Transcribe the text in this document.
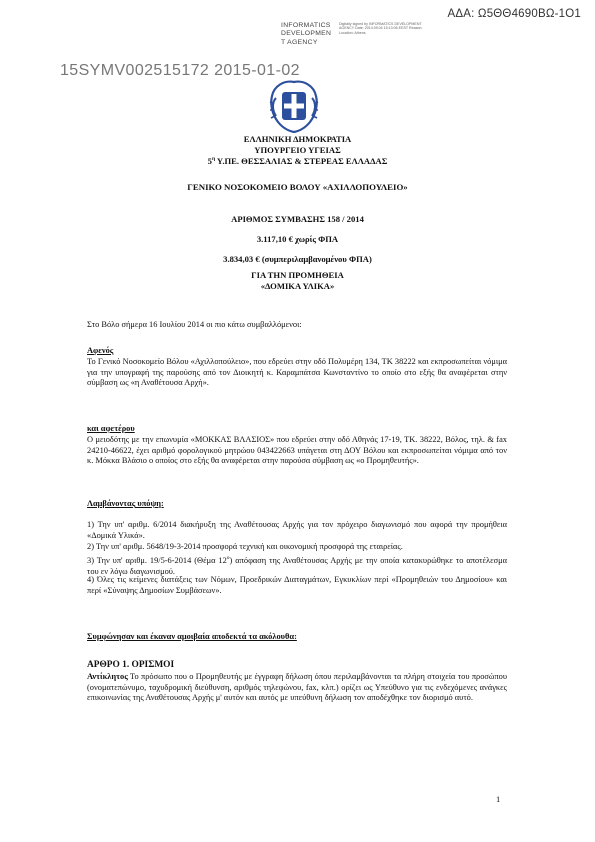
ΑΔΑ: Ω5ΘΘ4690ΒΩ-1Ο1
INFORMATICS DEVELOPMEN T AGENCY
Digitally signed by INFORMATICS DEVELOPMENT AGENCY Date: 2014.09.04 15:13:06 EEST Reason: Location: Athens
15SYMV002515172 2015-01-02
ΕΛΛΗΝΙΚΗ ΔΗΜΟΚΡΑΤΙΑ
ΥΠΟΥΡΓΕΙΟ ΥΓΕΙΑΣ
$5^\eta$ Υ.ΠΕ. ΘΕΣΣΑΛΙΑΣ & ΣΤΕΡΕΑΣ ΕΛΛΑΔΑΣ
ΓΕΝΙΚΟ ΝΟΣΟΚΟΜΕΙΟ ΒΟΛΟΥ «ΑΧΙΛΛΟΠΟΥΛΕΙΟ»
ΑΡΙΘΜΟΣ ΣΥΜΒΑΣΗΣ 158 / 2014
3.117,10 € χωρίς ΦΠΑ
3.834,03 € (συμπεριλαμβανομένου ΦΠΑ)
ΓΙΑ ΤΗΝ ΠΡΟΜΗΘΕΙΑ
«ΔΟΜΙΚΑ ΥΛΙΚΑ»
Στο Βόλο σήμερα 16 Ιουλίου 2014 οι πιο κάτω συμβαλλόμενοι:
Αφενός
Το Γενικό Νοσοκομείο Βόλου «Αχιλλοπούλειο», που εδρεύει στην οδό Πολυμέρη 134, ΤΚ 38222 και εκπροσωπείται νόμιμα για την υπογραφή της παρούσης από τον Διοικητή κ. Καραμπάτσα Κωνσταντίνο το οποίο στο εξής θα αναφέρεται στην σύμβαση ως «η Αναθέτουσα Αρχή».
και αφετέρου
Ο μειοδότης με την επωνυμία «ΜΟΚΚΑΣ ΒΛΑΣΙΟΣ» που εδρεύει στην οδό Αθηνάς 17-19, ΤΚ. 38222, Βόλος, τηλ. & fax 24210-46622, έχει αριθμό φορολογικού μητρώου 043422663 υπάγεται στη ΔΟΥ Βόλου και εκπροσωπείται νόμιμα από τον κ. Μόκκα Βλάσιο ο οποίος στο εξής θα αναφέρεται στην παρούσα σύμβαση ως «ο Προμηθευτής».
Λαμβάνοντας υπόψη:
1) Την υπ' αριθμ. 6/2014 διακήρυξη της Αναθέτουσας Αρχής για τον πρόχειρο διαγωνισμό που αφορά την προμήθεια «Δομικά Υλικά».
2) Την υπ' αριθμ. 5648/19-3-2014 προσφορά τεχνική και οικονομική προσφορά της εταιρείας.
3) Την υπ' αριθμ. 19/5-6-2014 (Θέμα $12^o$) απόφαση της Αναθέτουσας Αρχής με την οποία κατακυρώθηκε το αποτέλεσμα του εν λόγω διαγωνισμού.
4) Όλες τις κείμενες διατάξεις των Νόμων, Προεδρικών Διαταγμάτων, Εγκυκλίων περί «Προμηθειών του Δημοσίου» και περί «Σύναψης Δημοσίων Συμβάσεων».
Συμφώνησαν και έκαναν αμοιβαία αποδεκτά τα ακόλουθα:
ΑΡΘΡΟ 1. ΟΡΙΣΜΟΙ
Αντίκλητος Το πρόσωπο που ο Προμηθευτής με έγγραφη δήλωση όπου περιλαμβάνονται τα πλήρη στοιχεία του προσώπου (ονοματεπώνυμο, ταχυδρομική διεύθυνση, αριθμός τηλεφώνου, fax, κλπ.) ορίζει ως Υπεύθυνο για τις ενδεχόμενες ανάγκες επικοινωνίας της Αναθέτουσας Αρχής μ' αυτόν και αυτός με υπεύθυνη δήλωση τον αποδέχθηκε τον διορισμό αυτό.
1
